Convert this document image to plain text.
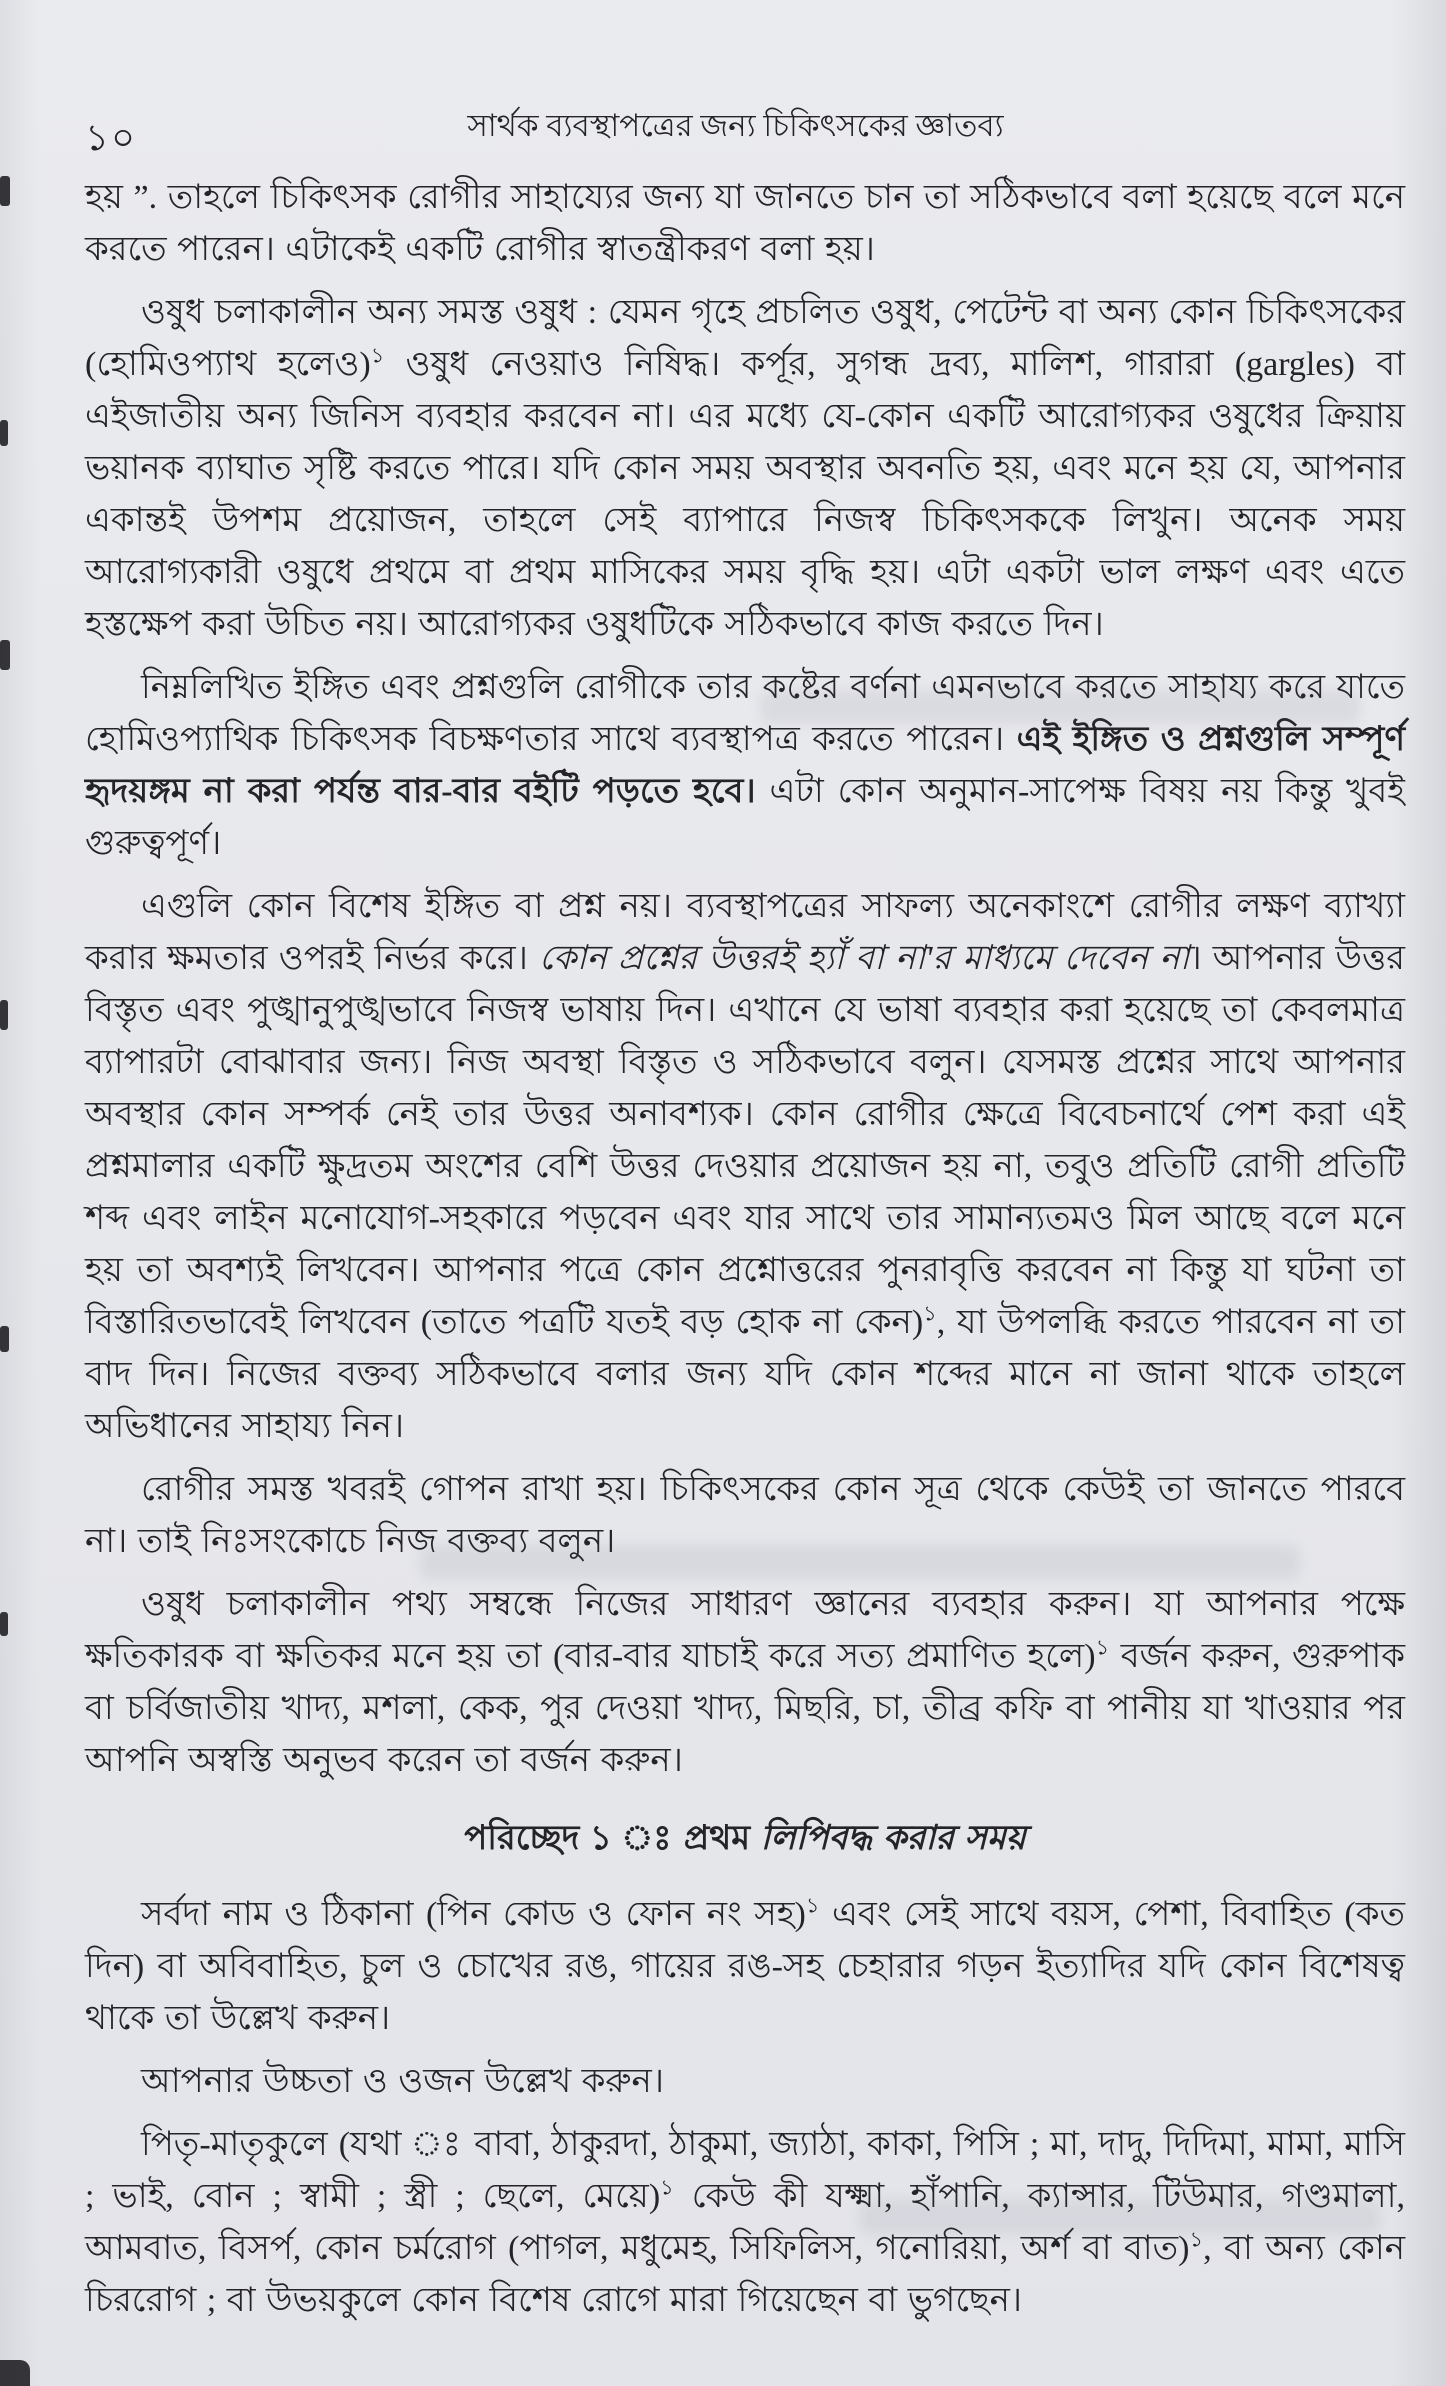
১০	সার্থক ব্যবস্থাপত্রের জন্য চিকিৎসকের জ্ঞাতব্য

হয় ”. তাহলে চিকিৎসক রোগীর সাহায্যের জন্য যা জানতে চান তা সঠিকভাবে বলা হয়েছে বলে মনে করতে পারেন। এটাকেই একটি রোগীর স্বাতন্ত্রীকরণ বলা হয়।

ওষুধ চলাকালীন অন্য সমস্ত ওষুধ : যেমন গৃহে প্রচলিত ওষুধ, পেটেন্ট বা অন্য কোন চিকিৎসকের (হোমিওপ্যাথ হলেও)$^১$ ওষুধ নেওয়াও নিষিদ্ধ। কর্পূর, সুগন্ধ দ্রব্য, মালিশ, গারারা (gargles) বা এইজাতীয় অন্য জিনিস ব্যবহার করবেন না। এর মধ্যে যে-কোন একটি আরোগ্যকর ওষুধের ক্রিয়ায় ভয়ানক ব্যাঘাত সৃষ্টি করতে পারে। যদি কোন সময় অবস্থার অবনতি হয়, এবং মনে হয় যে, আপনার একান্তই উপশম প্রয়োজন, তাহলে সেই ব্যাপারে নিজস্ব চিকিৎসককে লিখুন। অনেক সময় আরোগ্যকারী ওষুধে প্রথমে বা প্রথম মাসিকের সময় বৃদ্ধি হয়। এটা একটা ভাল লক্ষণ এবং এতে হস্তক্ষেপ করা উচিত নয়। আরোগ্যকর ওষুধটিকে সঠিকভাবে কাজ করতে দিন।

নিম্নলিখিত ইঙ্গিত এবং প্রশ্নগুলি রোগীকে তার কষ্টের বর্ণনা এমনভাবে করতে সাহায্য করে যাতে হোমিওপ্যাথিক চিকিৎসক বিচক্ষণতার সাথে ব্যবস্থাপত্র করতে পারেন। এই ইঙ্গিত ও প্রশ্নগুলি সম্পূর্ণ হৃদয়ঙ্গম না করা পর্যন্ত বার-বার বইটি পড়তে হবে। এটা কোন অনুমান-সাপেক্ষ বিষয় নয় কিন্তু খুবই গুরুত্বপূর্ণ।

এগুলি কোন বিশেষ ইঙ্গিত বা প্রশ্ন নয়। ব্যবস্থাপত্রের সাফল্য অনেকাংশে রোগীর লক্ষণ ব্যাখ্যা করার ক্ষমতার ওপরই নির্ভর করে। কোন প্রশ্নের উত্তরই হ্যাঁ বা না'র মাধ্যমে দেবেন না। আপনার উত্তর বিস্তৃত এবং পুঙ্খানুপুঙ্খভাবে নিজস্ব ভাষায় দিন। এখানে যে ভাষা ব্যবহার করা হয়েছে তা কেবলমাত্র ব্যাপারটা বোঝাবার জন্য। নিজ অবস্থা বিস্তৃত ও সঠিকভাবে বলুন। যেসমস্ত প্রশ্নের সাথে আপনার অবস্থার কোন সম্পর্ক নেই তার উত্তর অনাবশ্যক। কোন রোগীর ক্ষেত্রে বিবেচনার্থে পেশ করা এই প্রশ্নমালার একটি ক্ষুদ্রতম অংশের বেশি উত্তর দেওয়ার প্রয়োজন হয় না, তবুও প্রতিটি রোগী প্রতিটি শব্দ এবং লাইন মনোযোগ-সহকারে পড়বেন এবং যার সাথে তার সামান্যতমও মিল আছে বলে মনে হয় তা অবশ্যই লিখবেন। আপনার পত্রে কোন প্রশ্নোত্তরের পুনরাবৃত্তি করবেন না কিন্তু যা ঘটনা তা বিস্তারিতভাবেই লিখবেন (তাতে পত্রটি যতই বড় হোক না কেন)$^১$, যা উপলব্ধি করতে পারবেন না তা বাদ দিন। নিজের বক্তব্য সঠিকভাবে বলার জন্য যদি কোন শব্দের মানে না জানা থাকে তাহলে অভিধানের সাহায্য নিন।

রোগীর সমস্ত খবরই গোপন রাখা হয়। চিকিৎসকের কোন সূত্র থেকে কেউই তা জানতে পারবে না। তাই নিঃসংকোচে নিজ বক্তব্য বলুন।

ওষুধ চলাকালীন পথ্য সম্বন্ধে নিজের সাধারণ জ্ঞানের ব্যবহার করুন। যা আপনার পক্ষে ক্ষতিকারক বা ক্ষতিকর মনে হয় তা (বার-বার যাচাই করে সত্য প্রমাণিত হলে)$^১$ বর্জন করুন, গুরুপাক বা চর্বিজাতীয় খাদ্য, মশলা, কেক, পুর দেওয়া খাদ্য, মিছরি, চা, তীব্র কফি বা পানীয় যা খাওয়ার পর আপনি অস্বস্তি অনুভব করেন তা বর্জন করুন।

পরিচ্ছেদ ১ ঃ প্রথম লিপিবদ্ধ করার সময়

সর্বদা নাম ও ঠিকানা (পিন কোড ও ফোন নং সহ)$^১$ এবং সেই সাথে বয়স, পেশা, বিবাহিত (কত দিন) বা অবিবাহিত, চুল ও চোখের রঙ, গায়ের রঙ-সহ চেহারার গড়ন ইত্যাদির যদি কোন বিশেষত্ব থাকে তা উল্লেখ করুন।

আপনার উচ্চতা ও ওজন উল্লেখ করুন।

পিতৃ-মাতৃকুলে (যথা ঃ বাবা, ঠাকুরদা, ঠাকুমা, জ্যাঠা, কাকা, পিসি ; মা, দাদু, দিদিমা, মামা, মাসি ; ভাই, বোন ; স্বামী ; স্ত্রী ; ছেলে, মেয়ে)$^১$ কেউ কী যক্ষ্মা, হাঁপানি, ক্যান্সার, টিউমার, গণ্ডমালা, আমবাত, বিসর্প, কোন চর্মরোগ (পাগল, মধুমেহ, সিফিলিস, গনোরিয়া, অর্শ বা বাত)$^১$, বা অন্য কোন চিররোগ ; বা উভয়কুলে কোন বিশেষ রোগে মারা গিয়েছেন বা ভুগছেন।
